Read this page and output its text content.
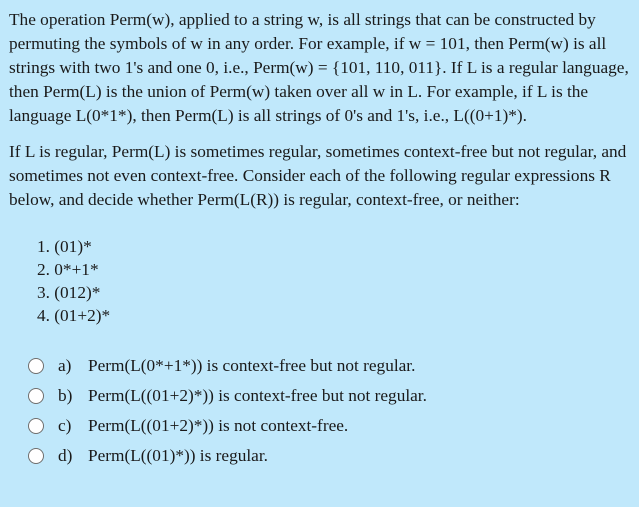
The operation Perm(w), applied to a string w, is all strings that can be constructed by permuting the symbols of w in any order. For example, if w = 101, then Perm(w) is all strings with two 1's and one 0, i.e., Perm(w) = {101, 110, 011}. If L is a regular language, then Perm(L) is the union of Perm(w) taken over all w in L. For example, if L is the language L(0*1*), then Perm(L) is all strings of 0's and 1's, i.e., L((0+1)*).

If L is regular, Perm(L) is sometimes regular, sometimes context-free but not regular, and sometimes not even context-free. Consider each of the following regular expressions R below, and decide whether Perm(L(R)) is regular, context-free, or neither:

1. (01)*
2. 0*+1*
3. (012)*
4. (01+2)*
a) Perm(L(0*+1*)) is context-free but not regular.
b) Perm(L((01+2)*)) is context-free but not regular.
c) Perm(L((01+2)*)) is not context-free.
d) Perm(L((01)*)) is regular.
